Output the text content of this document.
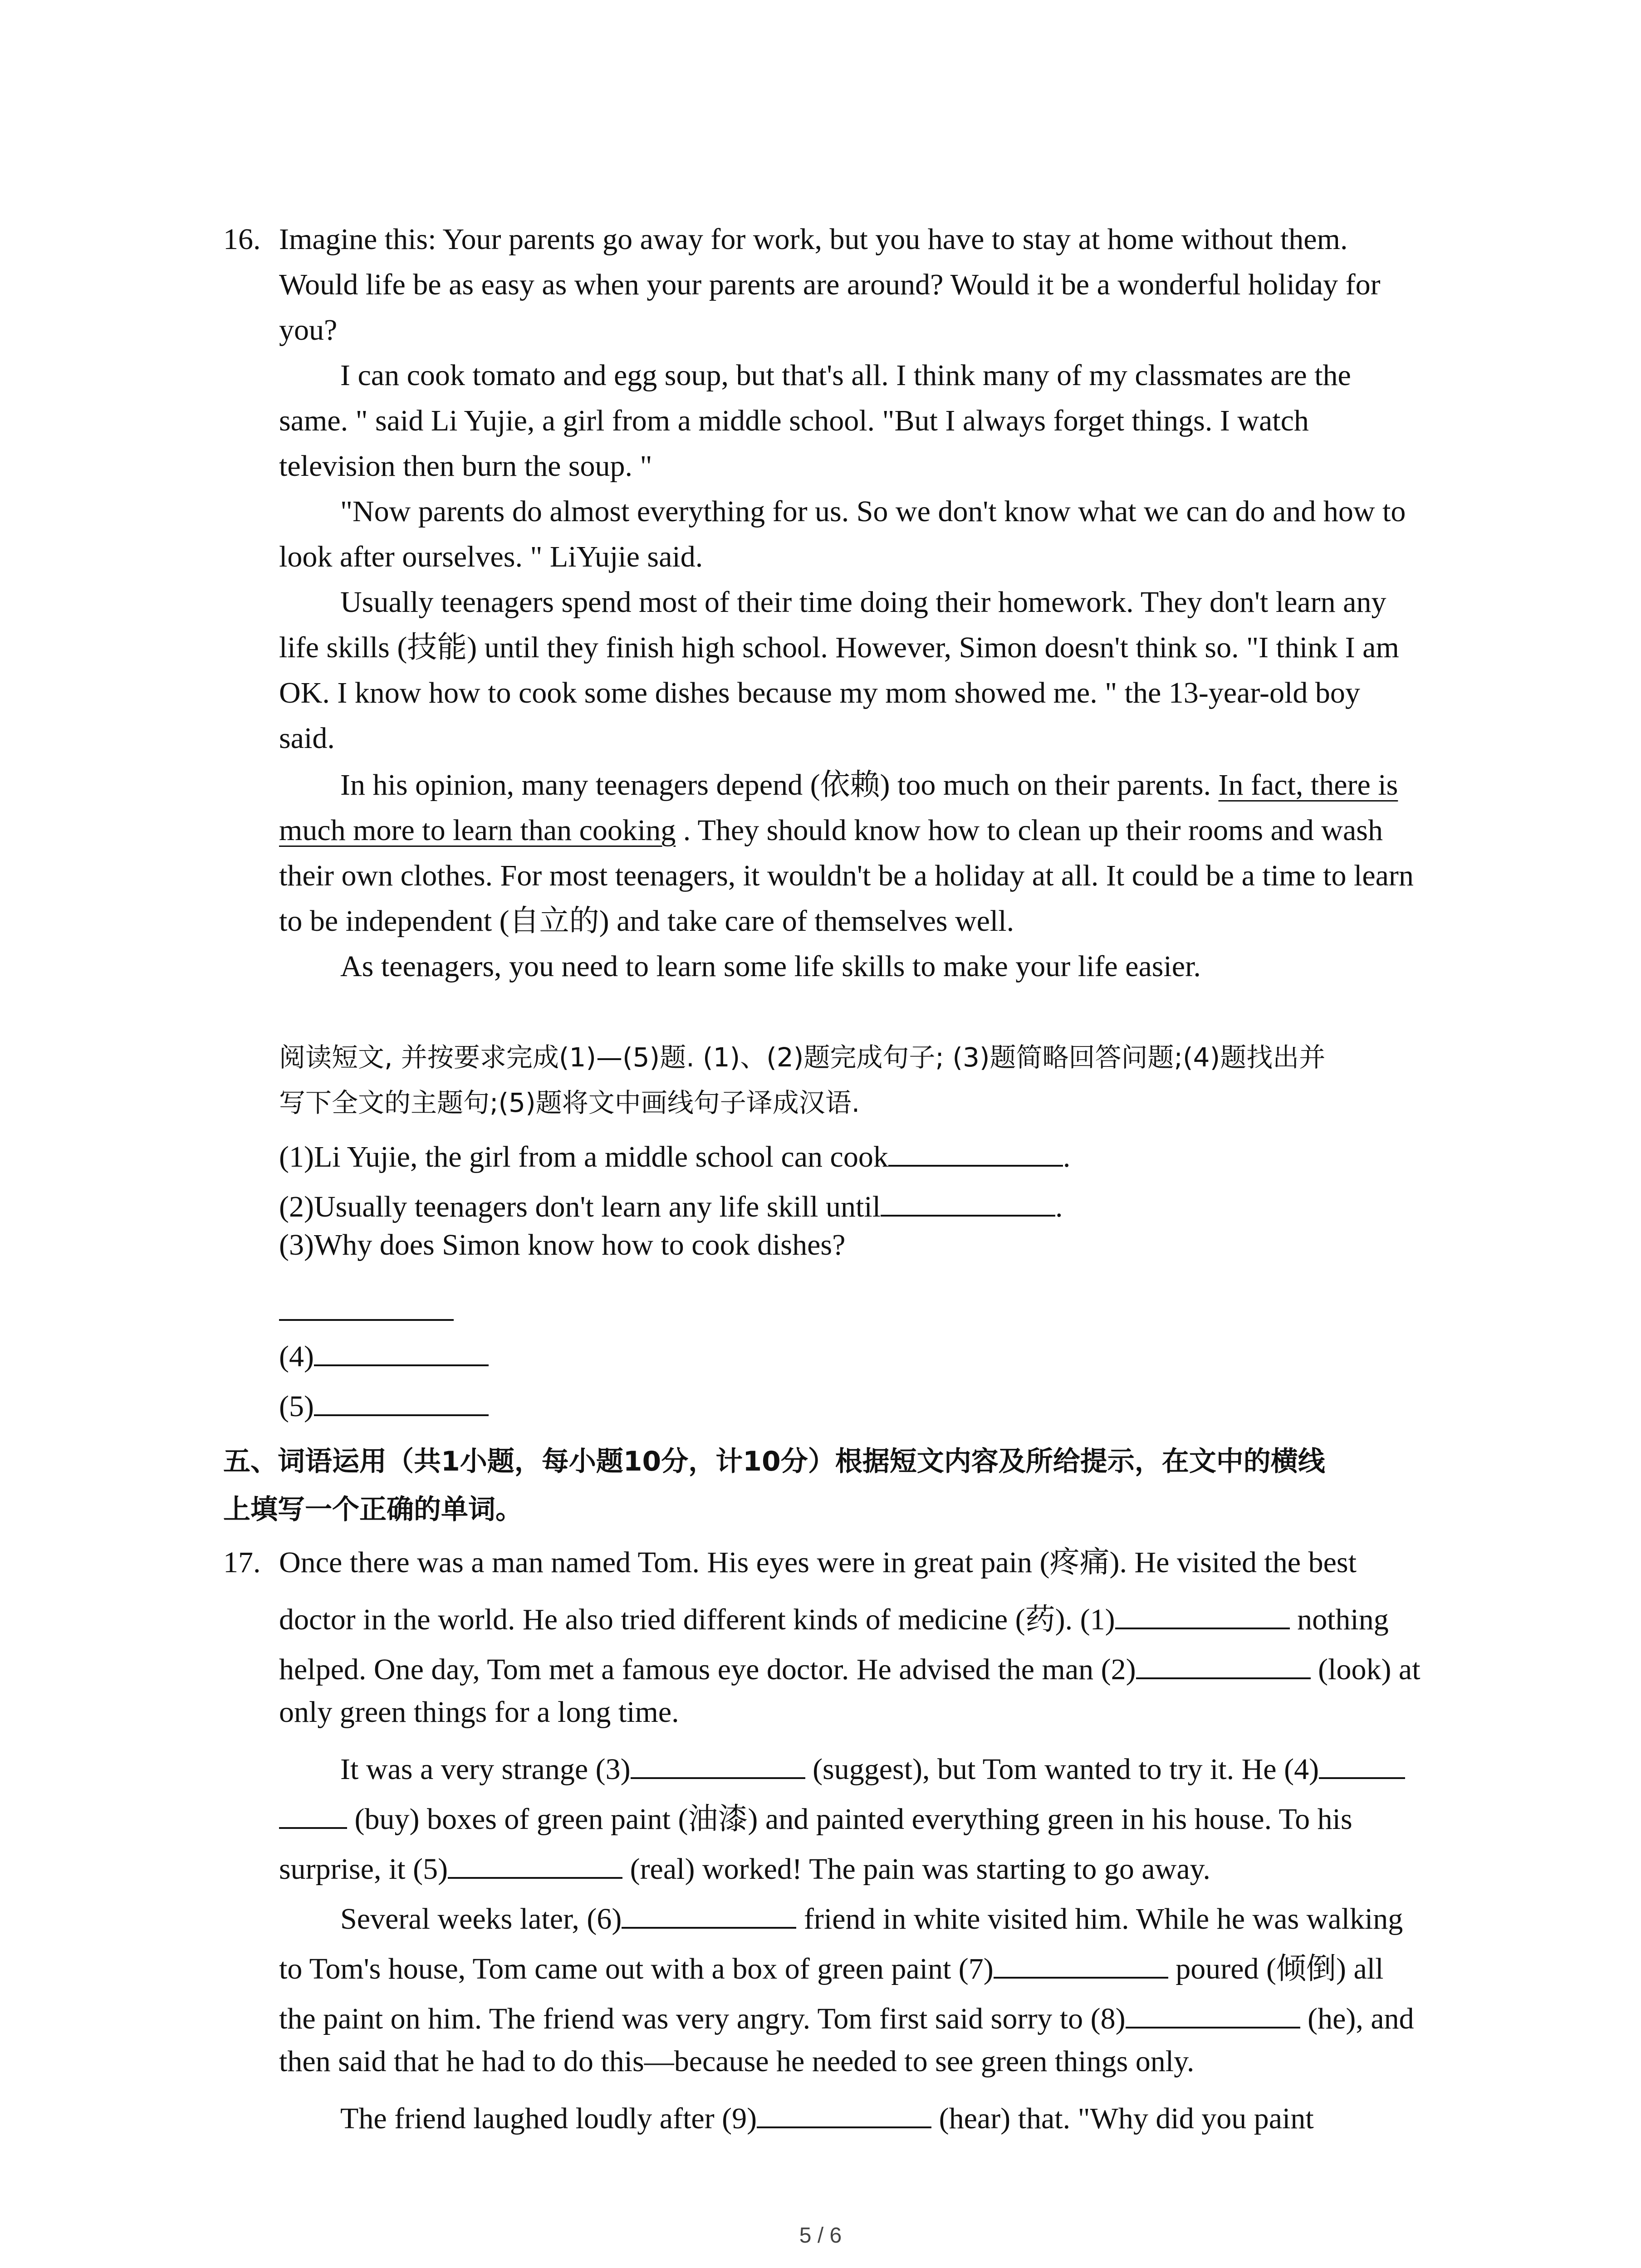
16. Imagine this: Your parents go away for work, but you have to stay at home without them.
Would life be as easy as when your parents are around? Would it be a wonderful holiday for
you?
I can cook tomato and egg soup, but that's all. I think many of my classmates are the
same. " said Li Yujie, a girl from a middle school. "But I always forget things. I watch
television then burn the soup. "
"Now parents do almost everything for us. So we don't know what we can do and how to
look after ourselves. " LiYujie said.
Usually teenagers spend most of their time doing their homework. They don't learn any
life skills (技能) until they finish high school. However, Simon doesn't think so. "I think I am
OK. I know how to cook some dishes because my mom showed me. " the 13-year-old boy
said.
In his opinion, many teenagers depend (依赖) too much on their parents. In fact, there is
much more to learn than cooking . They should know how to clean up their rooms and wash
their own clothes. For most teenagers, it wouldn't be a holiday at all. It could be a time to learn
to be independent (自立的) and take care of themselves well.
As teenagers, you need to learn some life skills to make your life easier.
阅读短文, 并按要求完成(1)—(5)题. (1)、(2)题完成句子; (3)题简略回答问题;(4)题找出并
写下全文的主题句;(5)题将文中画线句子译成汉语.
(1)Li Yujie, the girl from a middle school can cook	.
(2)Usually teenagers don't learn any life skill until	.
(3)Why does Simon know how to cook dishes?
(4)
(5)
五、词语运用（共1小题，每小题10分，计10分）根据短文内容及所给提示，在文中的横线
上填写一个正确的单词。
17. Once there was a man named Tom. His eyes were in great pain (疼痛). He visited the best
doctor in the world. He also tried different kinds of medicine (药). (1)	nothing
helped. One day, Tom met a famous eye doctor. He advised the man (2)	(look) at
only green things for a long time.
It was a very strange (3)	(suggest), but Tom wanted to try it. He (4)
(buy) boxes of green paint (油漆) and painted everything green in his house. To his
surprise, it (5)	(real) worked! The pain was starting to go away.
Several weeks later, (6)	friend in white visited him. While he was walking
to Tom's house, Tom came out with a box of green paint (7)	poured (倾倒) all
the paint on him. The friend was very angry. Tom first said sorry to (8)	(he), and
then said that he had to do this—because he needed to see green things only.
The friend laughed loudly after (9)	(hear) that. "Why did you paint
5 / 6
